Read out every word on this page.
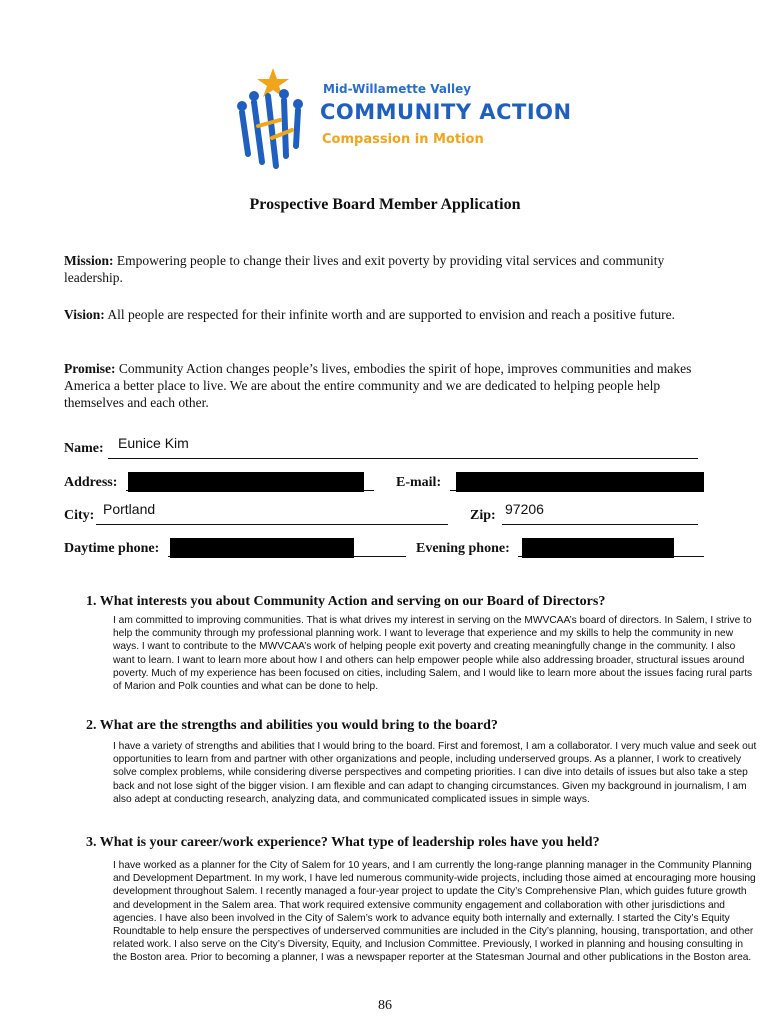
Mid-Willamette Valley
COMMUNITY ACTION
Compassion in Motion
Prospective Board Member Application
Mission: Empowering people to change their lives and exit poverty by providing vital services and community leadership.
Vision: All people are respected for their infinite worth and are supported to envision and reach a positive future.
Promise: Community Action changes people’s lives, embodies the spirit of hope, improves communities and makes America a better place to live. We are about the entire community and we are dedicated to helping people help themselves and each other.
Name: Eunice Kim
Address:	E-mail:
City: Portland	Zip: 97206
Daytime phone:	Evening phone:
1. What interests you about Community Action and serving on our Board of Directors?
I am committed to improving communities. That is what drives my interest in serving on the MWVCAA’s board of directors. In Salem, I strive to help the community through my professional planning work. I want to leverage that experience and my skills to help the community in new ways. I want to contribute to the MWVCAA’s work of helping people exit poverty and creating meaningfully change in the community. I also want to learn. I want to learn more about how I and others can help empower people while also addressing broader, structural issues around poverty. Much of my experience has been focused on cities, including Salem, and I would like to learn more about the issues facing rural parts of Marion and Polk counties and what can be done to help.
2. What are the strengths and abilities you would bring to the board?
I have a variety of strengths and abilities that I would bring to the board. First and foremost, I am a collaborator. I very much value and seek out opportunities to learn from and partner with other organizations and people, including underserved groups. As a planner, I work to creatively solve complex problems, while considering diverse perspectives and competing priorities. I can dive into details of issues but also take a step back and not lose sight of the bigger vision. I am flexible and can adapt to changing circumstances. Given my background in journalism, I am also adept at conducting research, analyzing data, and communicated complicated issues in simple ways.
3. What is your career/work experience? What type of leadership roles have you held?
I have worked as a planner for the City of Salem for 10 years, and I am currently the long-range planning manager in the Community Planning and Development Department. In my work, I have led numerous community-wide projects, including those aimed at encouraging more housing development throughout Salem. I recently managed a four-year project to update the City’s Comprehensive Plan, which guides future growth and development in the Salem area. That work required extensive community engagement and collaboration with other jurisdictions and agencies. I have also been involved in the City of Salem’s work to advance equity both internally and externally. I started the City’s Equity Roundtable to help ensure the perspectives of underserved communities are included in the City’s planning, housing, transportation, and other related work. I also serve on the City’s Diversity, Equity, and Inclusion Committee. Previously, I worked in planning and housing consulting in the Boston area. Prior to becoming a planner, I was a newspaper reporter at the Statesman Journal and other publications in the Boston area.
86
